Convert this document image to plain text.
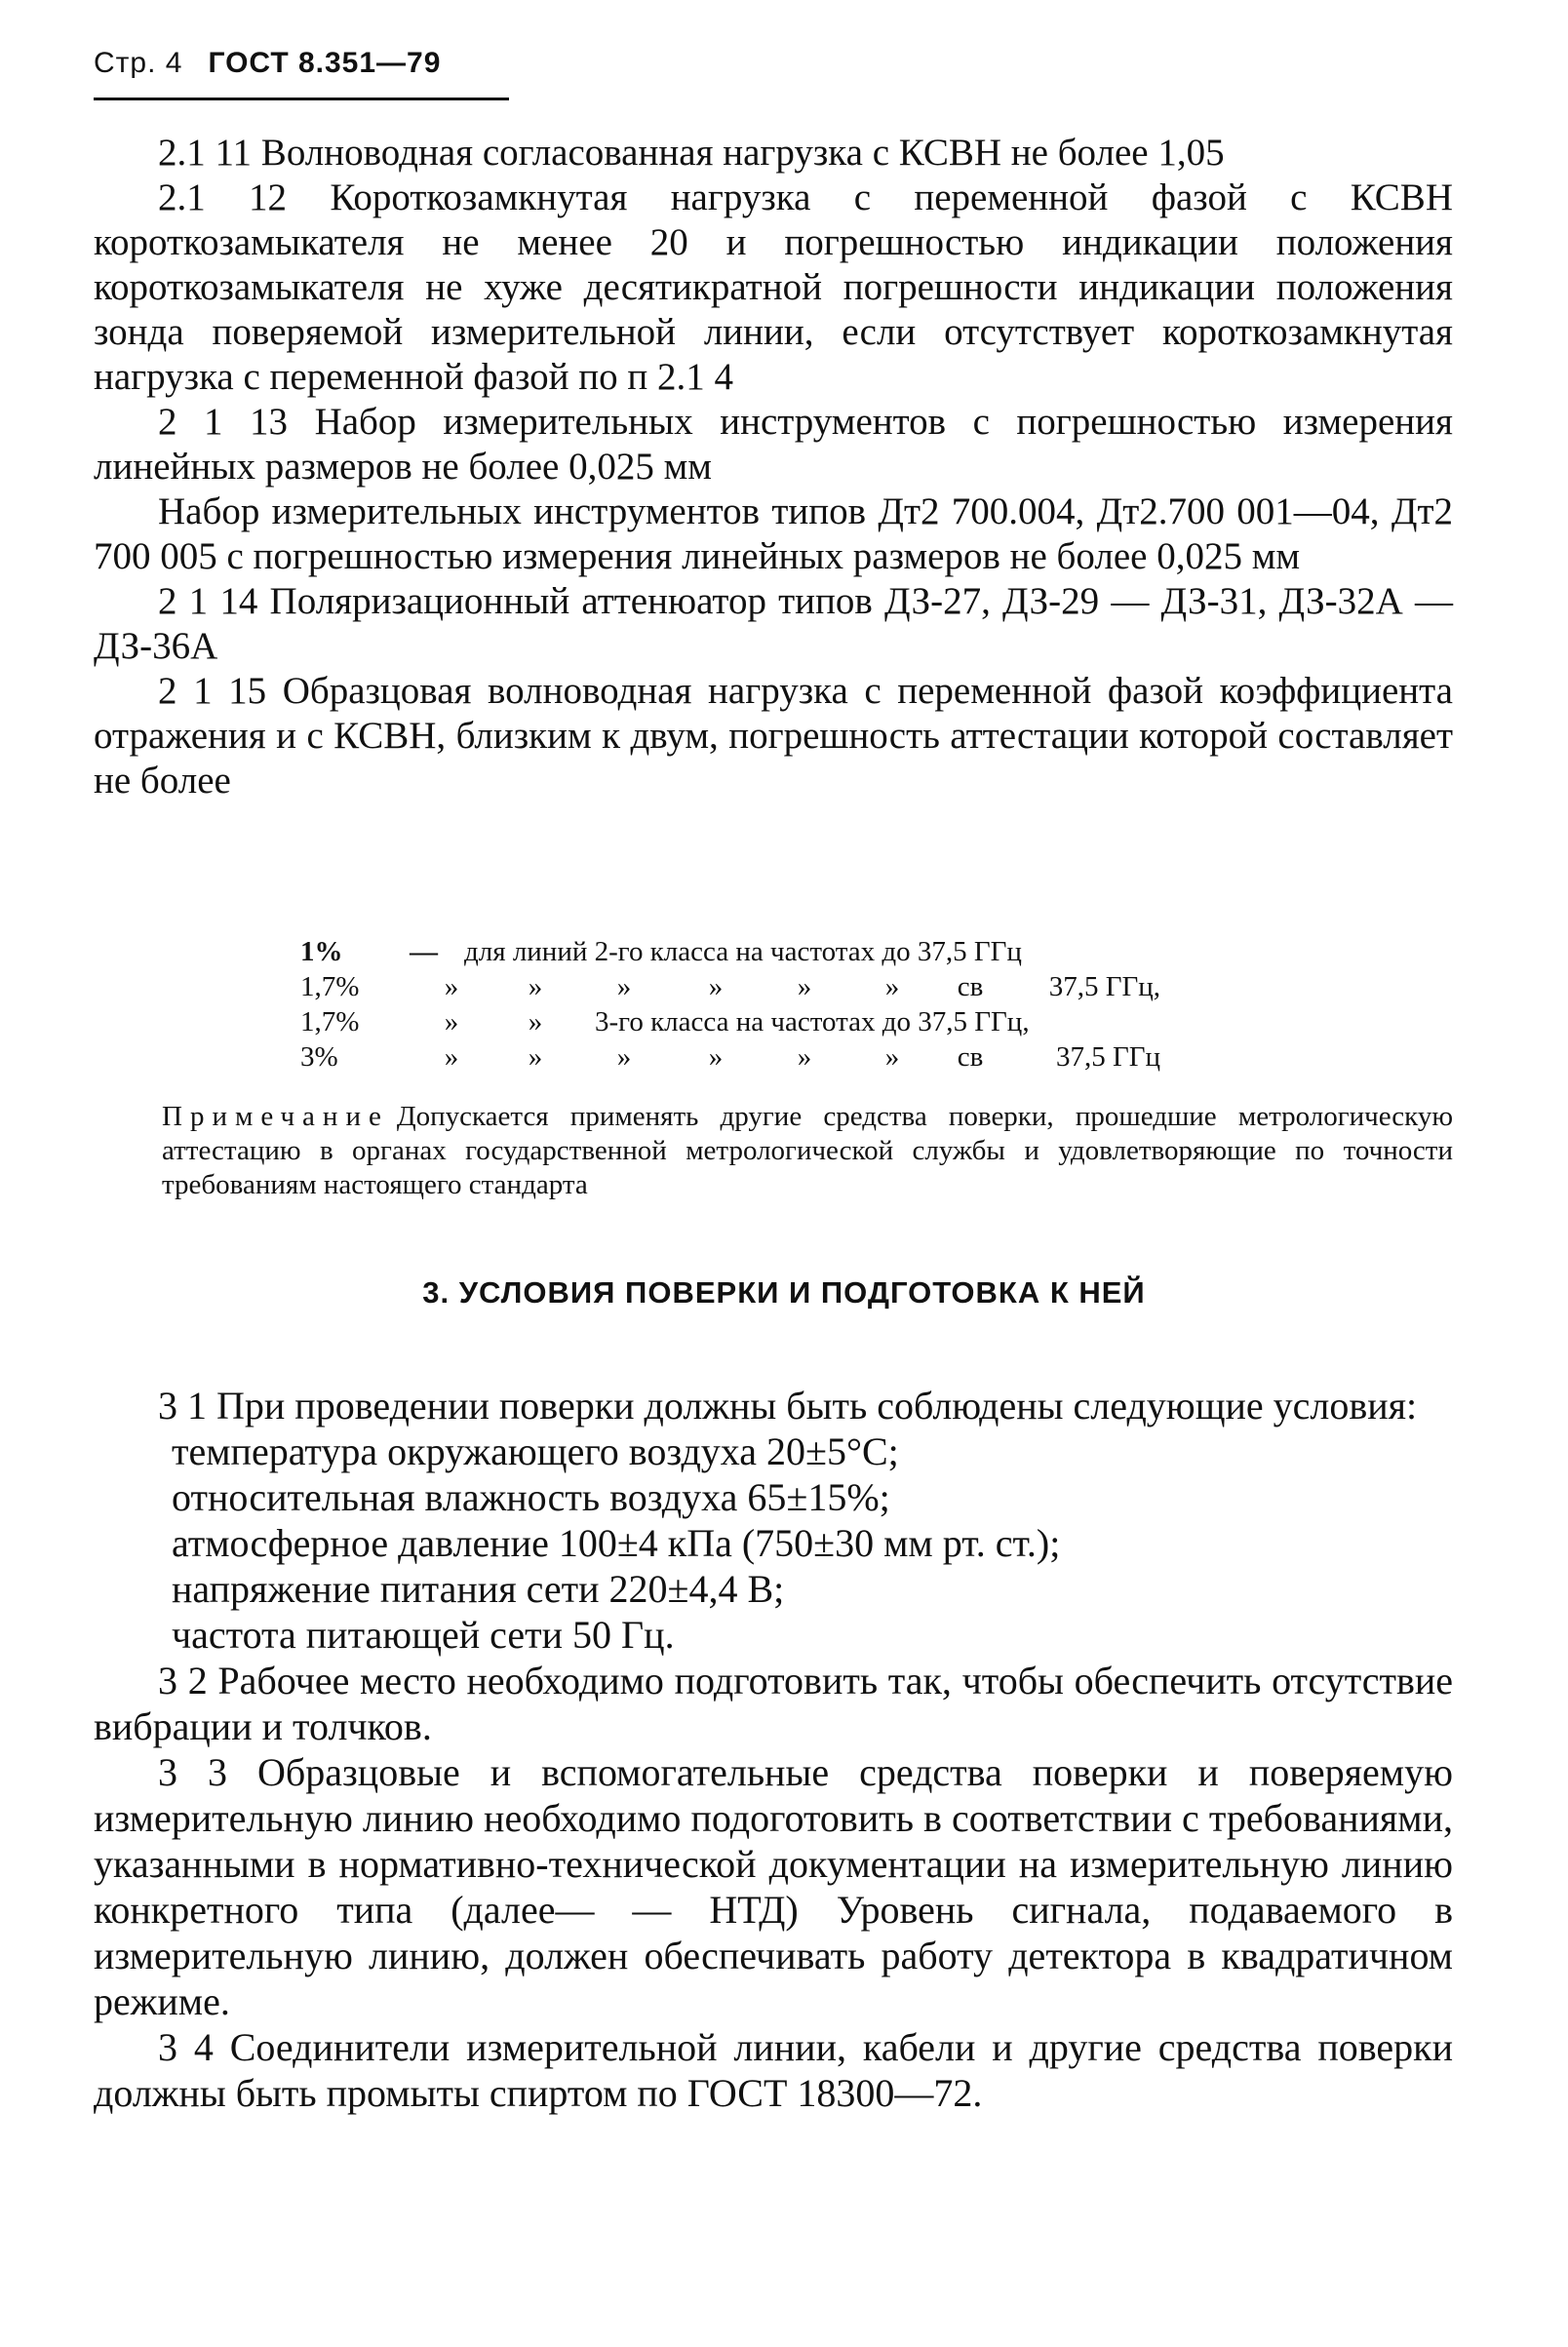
Стр. 4 ГОСТ 8.351—79

2.1 11 Волноводная согласованная нагрузка с КСВН не более 1,05

2.1 12 Короткозамкнутая нагрузка с переменной фазой с КСВН короткозамыкателя не менее 20 и погрешностью индикации положения короткозамыкателя не хуже десятикратной погрешности индикации положения зонда поверяемой измерительной линии, если отсутствует короткозамкнутая нагрузка с переменной фазой по п 2.1 4

2 1 13 Набор измерительных инструментов с погрешностью измерения линейных размеров не более 0,025 мм

Набор измерительных инструментов типов Дт2 700.004, Дт2.700 001—04, Дт2 700 005 с погрешностью измерения линейных размеров не более 0,025 мм

2 1 14 Поляризационный аттенюатор типов ДЗ-27, ДЗ-29 — ДЗ-31, ДЗ-32А — ДЗ-36А

2 1 15 Образцовая волноводная нагрузка с переменной фазой коэффициента отражения и с КСВН, близким к двум, погрешность аттестации которой составляет не более

1%	— для линий 2-го класса на частотах до 37,5 ГГц
1,7%	»	»	»	»	»	»	св	37,5 ГГц,
1,7%	»	»	3-го класса на частотах до 37,5 ГГц,
3%	»	»	»	»	»	»	св	37,5 ГГц

Примечание Допускается применять другие средства поверки, прошедшие метрологическую аттестацию в органах государственной метрологической службы и удовлетворяющие по точности требованиям настоящего стандарта

3. УСЛОВИЯ ПОВЕРКИ И ПОДГОТОВКА К НЕЙ

3 1 При проведении поверки должны быть соблюдены следующие условия:

температура окружающего воздуха 20±5°С;

относительная влажность воздуха 65±15%;

атмосферное давление 100±4 кПа (750±30 мм рт. ст.);

напряжение питания сети 220±4,4 В;

частота питающей сети 50 Гц.

3 2 Рабочее место необходимо подготовить так, чтобы обеспечить отсутствие вибрации и толчков.

3 3 Образцовые и вспомогательные средства поверки и поверяемую измерительную линию необходимо подоготовить в соответствии с требованиями, указанными в нормативно-технической документации на измерительную линию конкретного типа (далее— — НТД) Уровень сигнала, подаваемого в измерительную линию, должен обеспечивать работу детектора в квадратичном режиме.

3 4 Соединители измерительной линии, кабели и другие средства поверки должны быть промыты спиртом по ГОСТ 18300—72.
